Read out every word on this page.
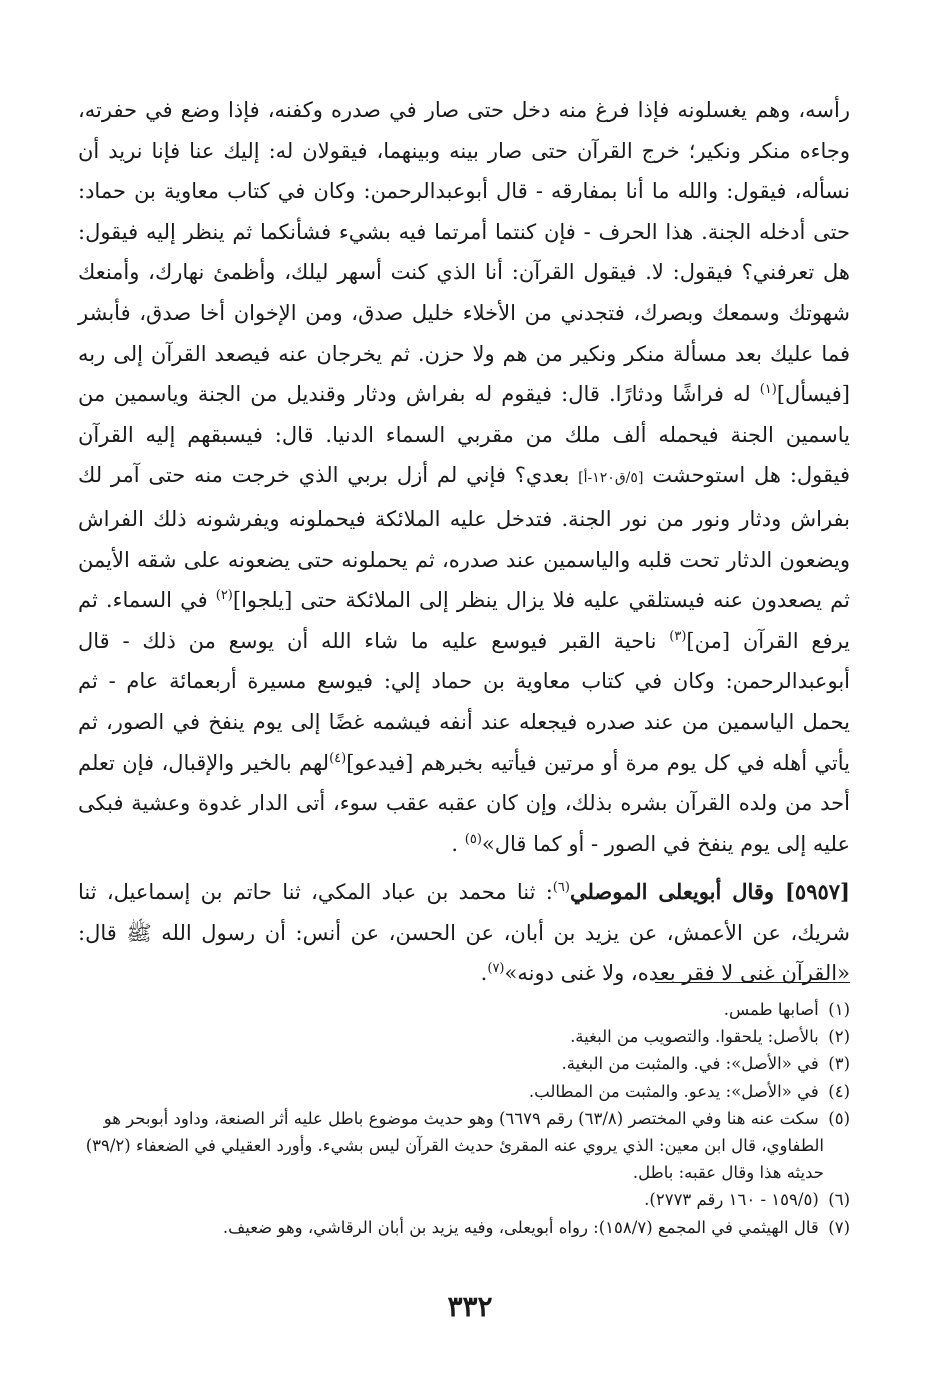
رأسه، وهم يغسلونه فإذا فرغ منه دخل حتى صار في صدره وكفنه، فإذا وضع في حفرته، وجاءه منكر ونكير؛ خرج القرآن حتى صار بينه وبينهما، فيقولان له: إليك عنا فإنا نريد أن نسأله، فيقول: والله ما أنا بمفارقه - قال أبوعبدالرحمن: وكان في كتاب معاوية بن حماد: حتى أدخله الجنة. هذا الحرف - فإن كنتما أمرتما فيه بشيء فشأنكما ثم ينظر إليه فيقول: هل تعرفني؟ فيقول: لا. فيقول القرآن: أنا الذي كنت أسهر ليلك، وأظمئ نهارك، وأمنعك شهوتك وسمعك وبصرك، فتجدني من الأخلاء خليل صدق، ومن الإخوان أخا صدق، فأبشر فما عليك بعد مسألة منكر ونكير من هم ولا حزن. ثم يخرجان عنه فيصعد القرآن إلى ربه [فيسأل]$^{(١)}$ له فراشًا ودثارًا. قال: فيقوم له بفراش ودثار وقنديل من الجنة وياسمين من ياسمين الجنة فيحمله ألف ملك من مقربي السماء الدنيا. قال: فيسبقهم إليه القرآن فيقول: هل استوحشت [٥/ق١٢٠-أ] بعدي؟ فإني لم أزل بربي الذي خرجت منه حتى آمر لك بفراش ودثار ونور من نور الجنة. فتدخل عليه الملائكة فيحملونه ويفرشونه ذلك الفراش ويضعون الدثار تحت قلبه والياسمين عند صدره، ثم يحملونه حتى يضعونه على شقه الأيمن ثم يصعدون عنه فيستلقي عليه فلا يزال ينظر إلى الملائكة حتى [يلجوا]$^{(٢)}$ في السماء. ثم يرفع القرآن [من]$^{(٣)}$ ناحية القبر فيوسع عليه ما شاء الله أن يوسع من ذلك - قال أبوعبدالرحمن: وكان في كتاب معاوية بن حماد إلي: فيوسع مسيرة أربعمائة عام - ثم يحمل الياسمين من عند صدره فيجعله عند أنفه فيشمه غضًا إلى يوم ينفخ في الصور، ثم يأتي أهله في كل يوم مرة أو مرتين فيأتيه بخبرهم [فيدعو]$^{(٤)}$لهم بالخير والإقبال، فإن تعلم أحد من ولده القرآن بشره بذلك، وإن كان عقبه عقب سوء، أتى الدار غدوة وعشية فبكى عليه إلى يوم ينفخ في الصور - أو كما قال»$^{(٥)}$ .

[٥٩٥٧] وقال أبويعلى الموصلي$^{(٦)}$: ثنا محمد بن عباد المكي، ثنا حاتم بن إسماعيل، ثنا شريك، عن الأعمش، عن يزيد بن أبان، عن الحسن، عن أنس: أن رسول الله ﷺ قال: «القرآن غنى لا فقر بعده، ولا غنى دونه»$^{(٧)}$.

(١) أصابها طمس.
(٢) بالأصل: يلحقوا. والتصويب من البغية.
(٣) في «الأصل»: في. والمثبت من البغية.
(٤) في «الأصل»: يدعو. والمثبت من المطالب.
(٥) سكت عنه هنا وفي المختصر (٦٣/٨) رقم ٦٦٧٩) وهو حديث موضوع باطل عليه أثر الصنعة، وداود أبوبحر هو الطفاوي، قال ابن معين: الذي يروي عنه المقرئ حديث القرآن ليس بشيء. وأورد العقيلي في الضعفاء (٣٩/٢) حديثه هذا وقال عقبه: باطل.
(٦) (١٥٩/٥ - ١٦٠ رقم ٢٧٧٣).
(٧) قال الهيثمي في المجمع (١٥٨/٧): رواه أبويعلى، وفيه يزيد بن أبان الرقاشي، وهو ضعيف.
٣٣٢
